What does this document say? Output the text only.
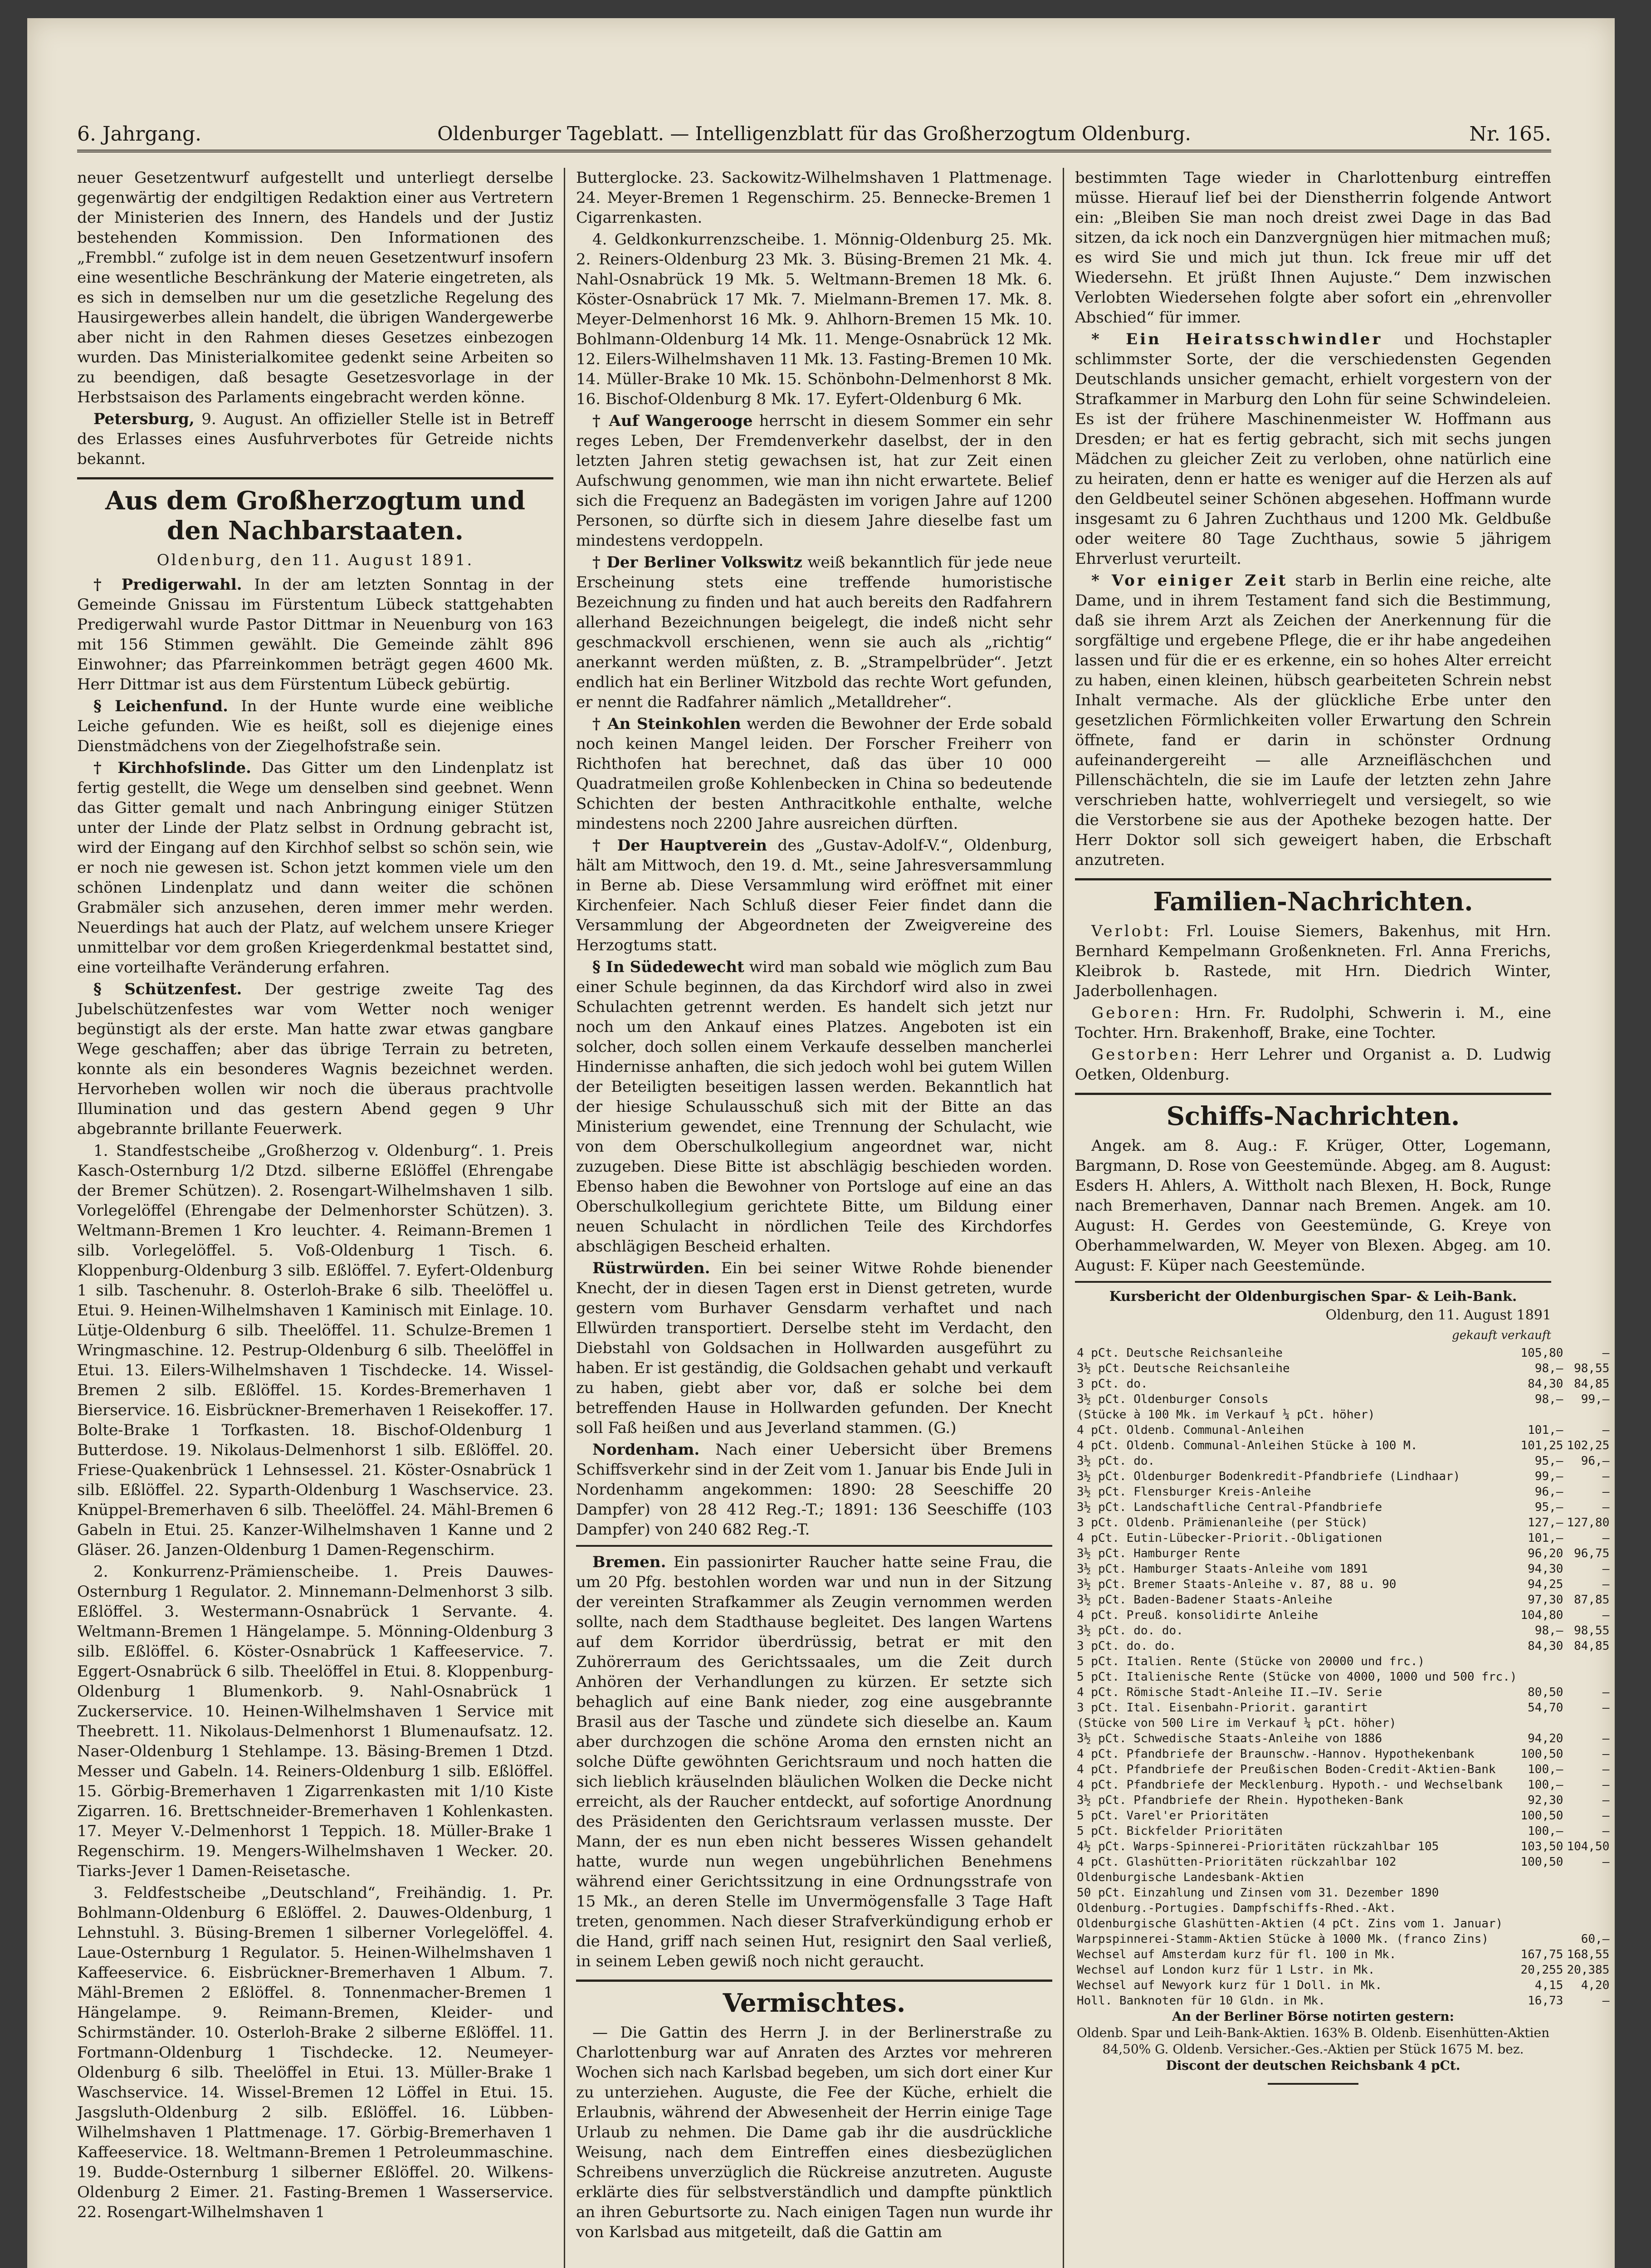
6. Jahrgang.	Oldenburger Tageblatt. — Intelligenzblatt für das Großherzogtum Oldenburg.	Nr. 165.

neuer Gesetzentwurf aufgestellt und unterliegt derselbe gegenwärtig der endgiltigen Redaktion einer aus Vertretern der Ministerien des Innern, des Handels und der Justiz bestehenden Kommission. Den Informationen des „Frembbl.“ zufolge ist in dem neuen Gesetzentwurf insofern eine wesentliche Beschränkung der Materie eingetreten, als es sich in demselben nur um die gesetzliche Regelung des Hausirgewerbes allein handelt, die übrigen Wandergewerbe aber nicht in den Rahmen dieses Gesetzes einbezogen wurden. Das Ministerialkomitee gedenkt seine Arbeiten so zu beendigen, daß besagte Gesetzesvorlage in der Herbstsaison des Parlaments eingebracht werden könne.

Petersburg, 9. August. An offizieller Stelle ist in Betreff des Erlasses eines Ausfuhrverbotes für Getreide nichts bekannt.

Aus dem Großherzogtum und den Nachbarstaaten.
Oldenburg, den 11. August 1891.

† Predigerwahl. In der am letzten Sonntag in der Gemeinde Gnissau im Fürstentum Lübeck stattgehabten Predigerwahl wurde Pastor Dittmar in Neuenburg von 163 mit 156 Stimmen gewählt. Die Gemeinde zählt 896 Einwohner; das Pfarreinkommen beträgt gegen 4600 Mk. Herr Dittmar ist aus dem Fürstentum Lübeck gebürtig.

§ Leichenfund. In der Hunte wurde eine weibliche Leiche gefunden. Wie es heißt, soll es diejenige eines Dienstmädchens von der Ziegelhofstraße sein.

† Kirchhofslinde. Das Gitter um den Lindenplatz ist fertig gestellt, die Wege um denselben sind geebnet. Wenn das Gitter gemalt und nach Anbringung einiger Stützen unter der Linde der Platz selbst in Ordnung gebracht ist, wird der Eingang auf den Kirchhof selbst so schön sein, wie er noch nie gewesen ist. Schon jetzt kommen viele um den schönen Lindenplatz und dann weiter die schönen Grabmäler sich anzusehen, deren immer mehr werden. Neuerdings hat auch der Platz, auf welchem unsere Krieger unmittelbar vor dem großen Kriegerdenkmal bestattet sind, eine vorteilhafte Veränderung erfahren.

§ Schützenfest. Der gestrige zweite Tag des Jubelschützenfestes war vom Wetter noch weniger begünstigt als der erste. Man hatte zwar etwas gangbare Wege geschaffen; aber das übrige Terrain zu betreten, konnte als ein besonderes Wagnis bezeichnet werden. Hervorheben wollen wir noch die überaus prachtvolle Illumination und das gestern Abend gegen 9 Uhr abgebrannte brillante Feuerwerk.

1. Standfestscheibe „Großherzog v. Oldenburg“. 1. Preis Kasch-Osternburg 1/2 Dtzd. silberne Eßlöffel (Ehrengabe der Bremer Schützen). 2. Rosengart-Wilhelmshaven 1 silb. Vorlegelöffel (Ehrengabe der Delmenhorster Schützen). 3. Weltmann-Bremen 1 Kro leuchter. 4. Reimann-Bremen 1 silb. Vorlegelöffel. 5. Voß-Oldenburg 1 Tisch. 6. Kloppenburg-Oldenburg 3 silb. Eßlöffel. 7. Eyfert-Oldenburg 1 silb. Taschenuhr. 8. Osterloh-Brake 6 silb. Theelöffel u. Etui. 9. Heinen-Wilhelmshaven 1 Kaminisch mit Einlage. 10. Lütje-Oldenburg 6 silb. Theelöffel. 11. Schulze-Bremen 1 Wringmaschine. 12. Pestrup-Oldenburg 6 silb. Theelöffel in Etui. 13. Eilers-Wilhelmshaven 1 Tischdecke. 14. Wissel-Bremen 2 silb. Eßlöffel. 15. Kordes-Bremerhaven 1 Bierservice. 16. Eisbrückner-Bremerhaven 1 Reisekoffer. 17. Bolte-Brake 1 Torfkasten. 18. Bischof-Oldenburg 1 Butterdose. 19. Nikolaus-Delmenhorst 1 silb. Eßlöffel. 20. Friese-Quakenbrück 1 Lehnsessel. 21. Köster-Osnabrück 1 silb. Eßlöffel. 22. Syparth-Oldenburg 1 Waschservice. 23. Knüppel-Bremerhaven 6 silb. Theelöffel. 24. Mähl-Bremen 6 Gabeln in Etui. 25. Kanzer-Wilhelmshaven 1 Kanne und 2 Gläser. 26. Janzen-Oldenburg 1 Damen-Regenschirm.

2. Konkurrenz-Prämienscheibe. 1. Preis Dauwes-Osternburg 1 Regulator. 2. Minnemann-Delmenhorst 3 silb. Eßlöffel. 3. Westermann-Osnabrück 1 Servante. 4. Weltmann-Bremen 1 Hängelampe. 5. Mönning-Oldenburg 3 silb. Eßlöffel. 6. Köster-Osnabrück 1 Kaffeeservice. 7. Eggert-Osnabrück 6 silb. Theelöffel in Etui. 8. Kloppenburg-Oldenburg 1 Blumenkorb. 9. Nahl-Osnabrück 1 Zuckerservice. 10. Heinen-Wilhelmshaven 1 Service mit Theebrett. 11. Nikolaus-Delmenhorst 1 Blumenaufsatz. 12. Naser-Oldenburg 1 Stehlampe. 13. Bäsing-Bremen 1 Dtzd. Messer und Gabeln. 14. Reiners-Oldenburg 1 silb. Eßlöffel. 15. Görbig-Bremerhaven 1 Zigarrenkasten mit 1/10 Kiste Zigarren. 16. Brettschneider-Bremerhaven 1 Kohlenkasten. 17. Meyer V.-Delmenhorst 1 Teppich. 18. Müller-Brake 1 Regenschirm. 19. Mengers-Wilhelmshaven 1 Wecker. 20. Tiarks-Jever 1 Damen-Reisetasche.

3. Feldfestscheibe „Deutschland“, Freihändig. 1. Pr. Bohlmann-Oldenburg 6 Eßlöffel. 2. Dauwes-Oldenburg, 1 Lehnstuhl. 3. Büsing-Bremen 1 silberner Vorlegelöffel. 4. Laue-Osternburg 1 Regulator. 5. Heinen-Wilhelmshaven 1 Kaffeeservice. 6. Eisbrückner-Bremerhaven 1 Album. 7. Mähl-Bremen 2 Eßlöffel. 8. Tonnenmacher-Bremen 1 Hängelampe. 9. Reimann-Bremen, Kleider- und Schirmständer. 10. Osterloh-Brake 2 silberne Eßlöffel. 11. Fortmann-Oldenburg 1 Tischdecke. 12. Neumeyer-Oldenburg 6 silb. Theelöffel in Etui. 13. Müller-Brake 1 Waschservice. 14. Wissel-Bremen 12 Löffel in Etui. 15. Jasgsluth-Oldenburg 2 silb. Eßlöffel. 16. Lübben-Wilhelmshaven 1 Plattmenage. 17. Görbig-Bremerhaven 1 Kaffeeservice. 18. Weltmann-Bremen 1 Petroleummaschine. 19. Budde-Osternburg 1 silberner Eßlöffel. 20. Wilkens-Oldenburg 2 Eimer. 21. Fasting-Bremen 1 Wasserservice. 22. Rosengart-Wilhelmshaven 1

Butterglocke. 23. Sackowitz-Wilhelmshaven 1 Plattmenage. 24. Meyer-Bremen 1 Regenschirm. 25. Bennecke-Bremen 1 Cigarrenkasten.

4. Geldkonkurrenzscheibe. 1. Mönnig-Oldenburg 25. Mk. 2. Reiners-Oldenburg 23 Mk. 3. Büsing-Bremen 21 Mk. 4. Nahl-Osnabrück 19 Mk. 5. Weltmann-Bremen 18 Mk. 6. Köster-Osnabrück 17 Mk. 7. Mielmann-Bremen 17. Mk. 8. Meyer-Delmenhorst 16 Mk. 9. Ahlhorn-Bremen 15 Mk. 10. Bohlmann-Oldenburg 14 Mk. 11. Menge-Osnabrück 12 Mk. 12. Eilers-Wilhelmshaven 11 Mk. 13. Fasting-Bremen 10 Mk. 14. Müller-Brake 10 Mk. 15. Schönbohn-Delmenhorst 8 Mk. 16. Bischof-Oldenburg 8 Mk. 17. Eyfert-Oldenburg 6 Mk.

† Auf Wangerooge herrscht in diesem Sommer ein sehr reges Leben, Der Fremdenverkehr daselbst, der in den letzten Jahren stetig gewachsen ist, hat zur Zeit einen Aufschwung genommen, wie man ihn nicht erwartete. Belief sich die Frequenz an Badegästen im vorigen Jahre auf 1200 Personen, so dürfte sich in diesem Jahre dieselbe fast um mindestens verdoppeln.

† Der Berliner Volkswitz weiß bekanntlich für jede neue Erscheinung stets eine treffende humoristische Bezeichnung zu finden und hat auch bereits den Radfahrern allerhand Bezeichnungen beigelegt, die indeß nicht sehr geschmackvoll erschienen, wenn sie auch als „richtig“ anerkannt werden müßten, z. B. „Strampelbrüder“. Jetzt endlich hat ein Berliner Witzbold das rechte Wort gefunden, er nennt die Radfahrer nämlich „Metalldreher“.

† An Steinkohlen werden die Bewohner der Erde sobald noch keinen Mangel leiden. Der Forscher Freiherr von Richthofen hat berechnet, daß das über 10 000 Quadratmeilen große Kohlenbecken in China so bedeutende Schichten der besten Anthracitkohle enthalte, welche mindestens noch 2200 Jahre ausreichen dürften.

† Der Hauptverein des „Gustav-Adolf-V.“, Oldenburg, hält am Mittwoch, den 19. d. Mt., seine Jahresversammlung in Berne ab. Diese Versammlung wird eröffnet mit einer Kirchenfeier. Nach Schluß dieser Feier findet dann die Versammlung der Abgeordneten der Zweigvereine des Herzogtums statt.

§ In Südedewecht wird man sobald wie möglich zum Bau einer Schule beginnen, da das Kirchdorf wird also in zwei Schulachten getrennt werden. Es handelt sich jetzt nur noch um den Ankauf eines Platzes. Angeboten ist ein solcher, doch sollen einem Verkaufe desselben mancherlei Hindernisse anhaften, die sich jedoch wohl bei gutem Willen der Beteiligten beseitigen lassen werden. Bekanntlich hat der hiesige Schulausschuß sich mit der Bitte an das Ministerium gewendet, eine Trennung der Schulacht, wie von dem Oberschulkollegium angeordnet war, nicht zuzugeben. Diese Bitte ist abschlägig beschieden worden. Ebenso haben die Bewohner von Portsloge auf eine an das Oberschulkollegium gerichtete Bitte, um Bildung einer neuen Schulacht in nördlichen Teile des Kirchdorfes abschlägigen Bescheid erhalten.

Rüstrwürden. Ein bei seiner Witwe Rohde bienender Knecht, der in diesen Tagen erst in Dienst getreten, wurde gestern vom Burhaver Gensdarm verhaftet und nach Ellwürden transportiert. Derselbe steht im Verdacht, den Diebstahl von Goldsachen in Hollwarden ausgeführt zu haben. Er ist geständig, die Goldsachen gehabt und verkauft zu haben, giebt aber vor, daß er solche bei dem betreffenden Hause in Hollwarden gefunden. Der Knecht soll Faß heißen und aus Jeverland stammen. (G.)

Nordenham. Nach einer Uebersicht über Bremens Schiffsverkehr sind in der Zeit vom 1. Januar bis Ende Juli in Nordenhamm angekommen: 1890: 28 Seeschiffe 20 Dampfer) von 28 412 Reg.-T.; 1891: 136 Seeschiffe (103 Dampfer) von 240 682 Reg.-T.

Bremen. Ein passionirter Raucher hatte seine Frau, die um 20 Pfg. bestohlen worden war und nun in der Sitzung der vereinten Strafkammer als Zeugin vernommen werden sollte, nach dem Stadthause begleitet. Des langen Wartens auf dem Korridor überdrüssig, betrat er mit den Zuhörerraum des Gerichtssaales, um die Zeit durch Anhören der Verhandlungen zu kürzen. Er setzte sich behaglich auf eine Bank nieder, zog eine ausgebrannte Brasil aus der Tasche und zündete sich dieselbe an. Kaum aber durchzogen die schöne Aroma den ernsten nicht an solche Düfte gewöhnten Gerichtsraum und noch hatten die sich lieblich kräuselnden bläulichen Wolken die Decke nicht erreicht, als der Raucher entdeckt, auf sofortige Anordnung des Präsidenten den Gerichtsraum verlassen musste. Der Mann, der es nun eben nicht besseres Wissen gehandelt hatte, wurde nun wegen ungebührlichen Benehmens während einer Gerichtssitzung in eine Ordnungsstrafe von 15 Mk., an deren Stelle im Unvermögensfalle 3 Tage Haft treten, genommen. Nach dieser Strafverkündigung erhob er die Hand, griff nach seinen Hut, resignirt den Saal verließ, in seinem Leben gewiß noch nicht geraucht.

Vermischtes.

— Die Gattin des Herrn J. in der Berlinerstraße zu Charlottenburg war auf Anraten des Arztes vor mehreren Wochen sich nach Karlsbad begeben, um sich dort einer Kur zu unterziehen. Auguste, die Fee der Küche, erhielt die Erlaubnis, während der Abwesenheit der Herrin einige Tage Urlaub zu nehmen. Die Dame gab ihr die ausdrückliche Weisung, nach dem Eintreffen eines diesbezüglichen Schreibens unverzüglich die Rückreise anzutreten. Auguste erklärte dies für selbstverständlich und dampfte pünktlich an ihren Geburtsorte zu. Nach einigen Tagen nun wurde ihr von Karlsbad aus mitgeteilt, daß die Gattin am

bestimmten Tage wieder in Charlottenburg eintreffen müsse. Hierauf lief bei der Dienstherrin folgende Antwort ein: „Bleiben Sie man noch dreist zwei Dage in das Bad sitzen, da ick noch ein Danzvergnügen hier mitmachen muß; es wird Sie und mich jut thun. Ick freue mir uff det Wiedersehn. Et jrüßt Ihnen Aujuste.“ Dem inzwischen Verlobten Wiedersehen folgte aber sofort ein „ehrenvoller Abschied“ für immer.

* Ein Heiratsschwindler und Hochstapler schlimmster Sorte, der die verschiedensten Gegenden Deutschlands unsicher gemacht, erhielt vorgestern von der Strafkammer in Marburg den Lohn für seine Schwindeleien. Es ist der frühere Maschinenmeister W. Hoffmann aus Dresden; er hat es fertig gebracht, sich mit sechs jungen Mädchen zu gleicher Zeit zu verloben, ohne natürlich eine zu heiraten, denn er hatte es weniger auf die Herzen als auf den Geldbeutel seiner Schönen abgesehen. Hoffmann wurde insgesamt zu 6 Jahren Zuchthaus und 1200 Mk. Geldbuße oder weitere 80 Tage Zuchthaus, sowie 5 jährigem Ehrverlust verurteilt.

* Vor einiger Zeit starb in Berlin eine reiche, alte Dame, und in ihrem Testament fand sich die Bestimmung, daß sie ihrem Arzt als Zeichen der Anerkennung für die sorgfältige und ergebene Pflege, die er ihr habe angedeihen lassen und für die er es erkenne, ein so hohes Alter erreicht zu haben, einen kleinen, hübsch gearbeiteten Schrein nebst Inhalt vermache. Als der glückliche Erbe unter den gesetzlichen Förmlichkeiten voller Erwartung den Schrein öffnete, fand er darin in schönster Ordnung aufeinandergereiht — alle Arzneifläschchen und Pillenschächteln, die sie im Laufe der letzten zehn Jahre verschrieben hatte, wohlverriegelt und versiegelt, so wie die Verstorbene sie aus der Apotheke bezogen hatte. Der Herr Doktor soll sich geweigert haben, die Erbschaft anzutreten.

Familien-Nachrichten.

Verlobt: Frl. Louise Siemers, Bakenhus, mit Hrn. Bernhard Kempelmann Großenkneten. Frl. Anna Frerichs, Kleibrok b. Rastede, mit Hrn. Diedrich Winter, Jaderbollenhagen.

Geboren: Hrn. Fr. Rudolphi, Schwerin i. M., eine Tochter. Hrn. Brakenhoff, Brake, eine Tochter.

Gestorben: Herr Lehrer und Organist a. D. Ludwig Oetken, Oldenburg.

Schiffs-Nachrichten.

Angek. am 8. Aug.: F. Krüger, Otter, Logemann, Bargmann, D. Rose von Geestemünde. Abgeg. am 8. August: Esders H. Ahlers, A. Wittholt nach Blexen, H. Bock, Runge nach Bremerhaven, Dannar nach Bremen. Angek. am 10. August: H. Gerdes von Geestemünde, G. Kreye von Oberhammelwarden, W. Meyer von Blexen. Abgeg. am 10. August: F. Küper nach Geestemünde.

Kursbericht der Oldenburgischen Spar- & Leih-Bank.
Oldenburg, den 11. August 1891
gekauft verkauft
4 pCt. Deutsche Reichsanleihe	105,80	—
3½ pCt. Deutsche Reichsanleihe	98,—	98,55
3 pCt. do.	84,30	84,85
3½ pCt. Oldenburger Consols	98,—	99,—
(Stücke à 100 Mk. im Verkauf ¼ pCt. höher)		
4 pCt. Oldenb. Communal-Anleihen	101,—	—
4 pCt. Oldenb. Communal-Anleihen Stücke à 100 M.	101,25	102,25
3½ pCt. do.	95,—	96,—
3½ pCt. Oldenburger Bodenkredit-Pfandbriefe (Lindhaar)	99,—	—
3½ pCt. Flensburger Kreis-Anleihe	96,—	—
3½ pCt. Landschaftliche Central-Pfandbriefe	95,—	—
3 pCt. Oldenb. Prämienanleihe (per Stück)	127,—	127,80
4 pCt. Eutin-Lübecker-Priorit.-Obligationen	101,—	—
3½ pCt. Hamburger Rente	96,20	96,75
3½ pCt. Hamburger Staats-Anleihe vom 1891	94,30	—
3½ pCt. Bremer Staats-Anleihe v. 87, 88 u. 90	94,25	—
3½ pCt. Baden-Badener Staats-Anleihe	97,30	87,85
4 pCt. Preuß. konsolidirte Anleihe	104,80	—
3½ pCt. do. do.	98,—	98,55
3 pCt. do. do.	84,30	84,85
5 pCt. Italien. Rente (Stücke von 20000 und frc.)		
5 pCt. Italienische Rente (Stücke von 4000, 1000 und 500 frc.)		
4 pCt. Römische Stadt-Anleihe II.—IV. Serie	80,50	—
3 pCt. Ital. Eisenbahn-Priorit. garantirt	54,70	—
(Stücke von 500 Lire im Verkauf ¼ pCt. höher)		
3½ pCt. Schwedische Staats-Anleihe von 1886	94,20	—
4 pCt. Pfandbriefe der Braunschw.-Hannov. Hypothekenbank	100,50	—
4 pCt. Pfandbriefe der Preußischen Boden-Credit-Aktien-Bank	100,—	—
4 pCt. Pfandbriefe der Mecklenburg. Hypoth.- und Wechselbank	100,—	—
3½ pCt. Pfandbriefe der Rhein. Hypotheken-Bank	92,30	—
5 pCt. Varel'er Prioritäten	100,50	—
5 pCt. Bickfelder Prioritäten	100,—	—
4½ pCt. Warps-Spinnerei-Prioritäten rückzahlbar 105	103,50	104,50
4 pCt. Glashütten-Prioritäten rückzahlbar 102	100,50	—
Oldenburgische Landesbank-Aktien		
50 pCt. Einzahlung und Zinsen vom 31. Dezember 1890		
Oldenburg.-Portugies. Dampfschiffs-Rhed.-Akt.		
Oldenburgische Glashütten-Aktien (4 pCt. Zins vom 1. Januar)		
Warpspinnerei-Stamm-Aktien Stücke à 1000 Mk. (franco Zins)		60,—
Wechsel auf Amsterdam kurz für fl. 100 in Mk.	167,75	168,55
Wechsel auf London kurz für 1 Lstr. in Mk.	20,255	20,385
Wechsel auf Newyork kurz für 1 Doll. in Mk.	4,15	4,20
Holl. Banknoten für 10 Gldn. in Mk.	16,73	—
An der Berliner Börse notirten gestern:
Oldenb. Spar und Leih-Bank-Aktien. 163% B. Oldenb. Eisenhütten-Aktien 84,50% G. Oldenb. Versicher.-Ges.-Aktien per Stück 1675 M. bez.
Discont der deutschen Reichsbank 4 pCt.
